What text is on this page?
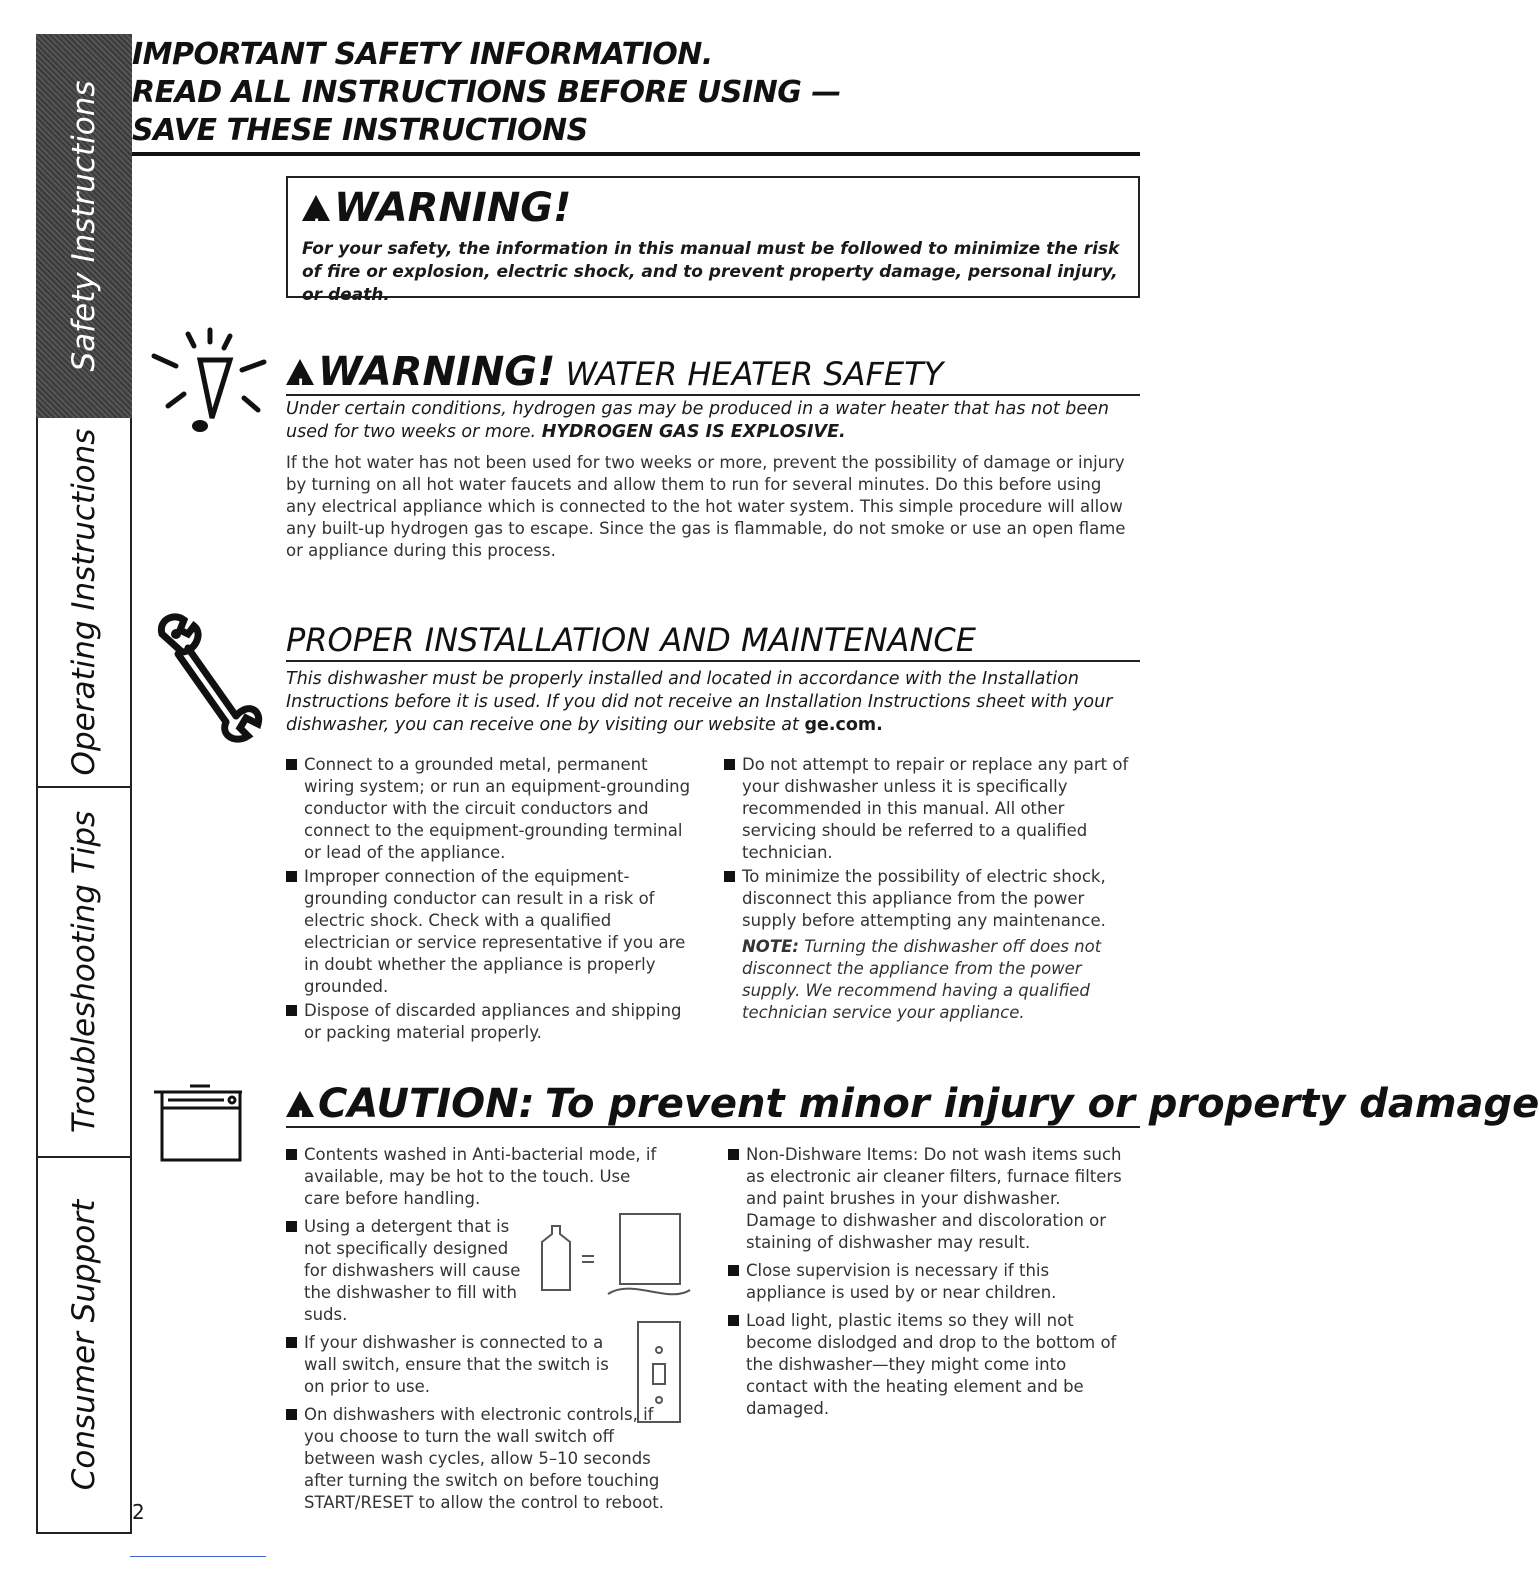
Safety Instructions
Operating Instructions
Troubleshooting Tips
Consumer Support
IMPORTANT SAFETY INFORMATION.
READ ALL INSTRUCTIONS BEFORE USING —
SAVE THESE INSTRUCTIONS
!WARNING!
For your safety, the information in this manual must be followed to minimize the risk of fire or explosion, electric shock, and to prevent property damage, personal injury, or death.
!WARNING! WATER HEATER SAFETY
Under certain conditions, hydrogen gas may be produced in a water heater that has not been used for two weeks or more. HYDROGEN GAS IS EXPLOSIVE.
If the hot water has not been used for two weeks or more, prevent the possibility of damage or injury by turning on all hot water faucets and allow them to run for several minutes. Do this before using any electrical appliance which is connected to the hot water system. This simple procedure will allow any built-up hydrogen gas to escape. Since the gas is flammable, do not smoke or use an open flame or appliance during this process.
PROPER INSTALLATION AND MAINTENANCE
This dishwasher must be properly installed and located in accordance with the Installation Instructions before it is used. If you did not receive an Installation Instructions sheet with your dishwasher, you can receive one by visiting our website at ge.com.
Connect to a grounded metal, permanent wiring system; or run an equipment-grounding conductor with the circuit conductors and connect to the equipment-grounding terminal or lead of the appliance.
Improper connection of the equipment-grounding conductor can result in a risk of electric shock. Check with a qualified electrician or service representative if you are in doubt whether the appliance is properly grounded.
Dispose of discarded appliances and shipping or packing material properly.
Do not attempt to repair or replace any part of your dishwasher unless it is specifically recommended in this manual. All other servicing should be referred to a qualified technician.
To minimize the possibility of electric shock, disconnect this appliance from the power supply before attempting any maintenance.
NOTE: Turning the dishwasher off does not disconnect the appliance from the power supply. We recommend having a qualified technician service your appliance.
!CAUTION: To prevent minor injury or property damage
Contents washed in Anti-bacterial mode, if available, may be hot to the touch. Use care before handling.
Using a detergent that is not specifically designed for dishwashers will cause the dishwasher to fill with suds.
If your dishwasher is connected to a wall switch, ensure that the switch is on prior to use.
On dishwashers with electronic controls, if you choose to turn the wall switch off between wash cycles, allow 5–10 seconds after turning the switch on before touching START/RESET to allow the control to reboot.
Non-Dishware Items: Do not wash items such as electronic air cleaner filters, furnace filters and paint brushes in your dishwasher. Damage to dishwasher and discoloration or staining of dishwasher may result.
Close supervision is necessary if this appliance is used by or near children.
Load light, plastic items so they will not become dislodged and drop to the bottom of the dishwasher—they might come into contact with the heating element and be damaged.
2
